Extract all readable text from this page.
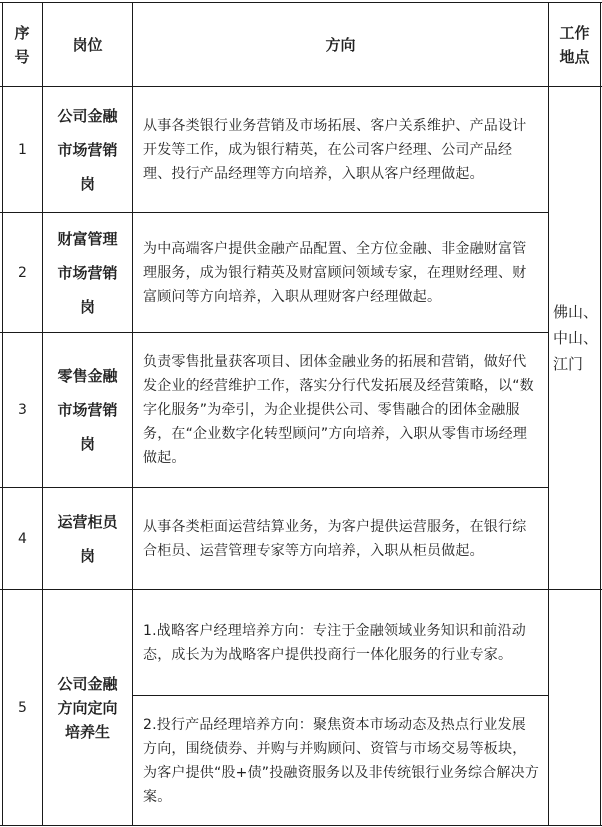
序号
岗位	方向
工作地点
1
公司金融市场营销岗
从事各类银行业务营销及市场拓展、客户关系维护、产品设计开发等工作，成为银行精英，在公司客户经理、公司产品经理、投行产品经理等方向培养，入职从客户经理做起。
2
财富管理市场营销岗
为中高端客户提供金融产品配置、全方位金融、非金融财富管理服务，成为银行精英及财富顾问领域专家，在理财经理、财富顾问等方向培养，入职从理财客户经理做起。
3
零售金融市场营销岗
负责零售批量获客项目、团体金融业务的拓展和营销，做好代发企业的经营维护工作，落实分行代发拓展及经营策略，以“数字化服务”为牵引，为企业提供公司、零售融合的团体金融服务，在“企业数字化转型顾问”方向培养，入职从零售市场经理做起。
4
运营柜员岗
从事各类柜面运营结算业务，为客户提供运营服务，在银行综合柜员、运营管理专家等方向培养，入职从柜员做起。
5
公司金融方向定向培养生
1.战略客户经理培养方向：专注于金融领域业务知识和前沿动态，成长为为战略客户提供投商行一体化服务的行业专家。
2.投行产品经理培养方向：聚焦资本市场动态及热点行业发展方向，围绕债券、并购与并购顾问、资管与市场交易等板块，为客户提供“股+债”投融资服务以及非传统银行业务综合解决方案。
佛山、中山、江门
